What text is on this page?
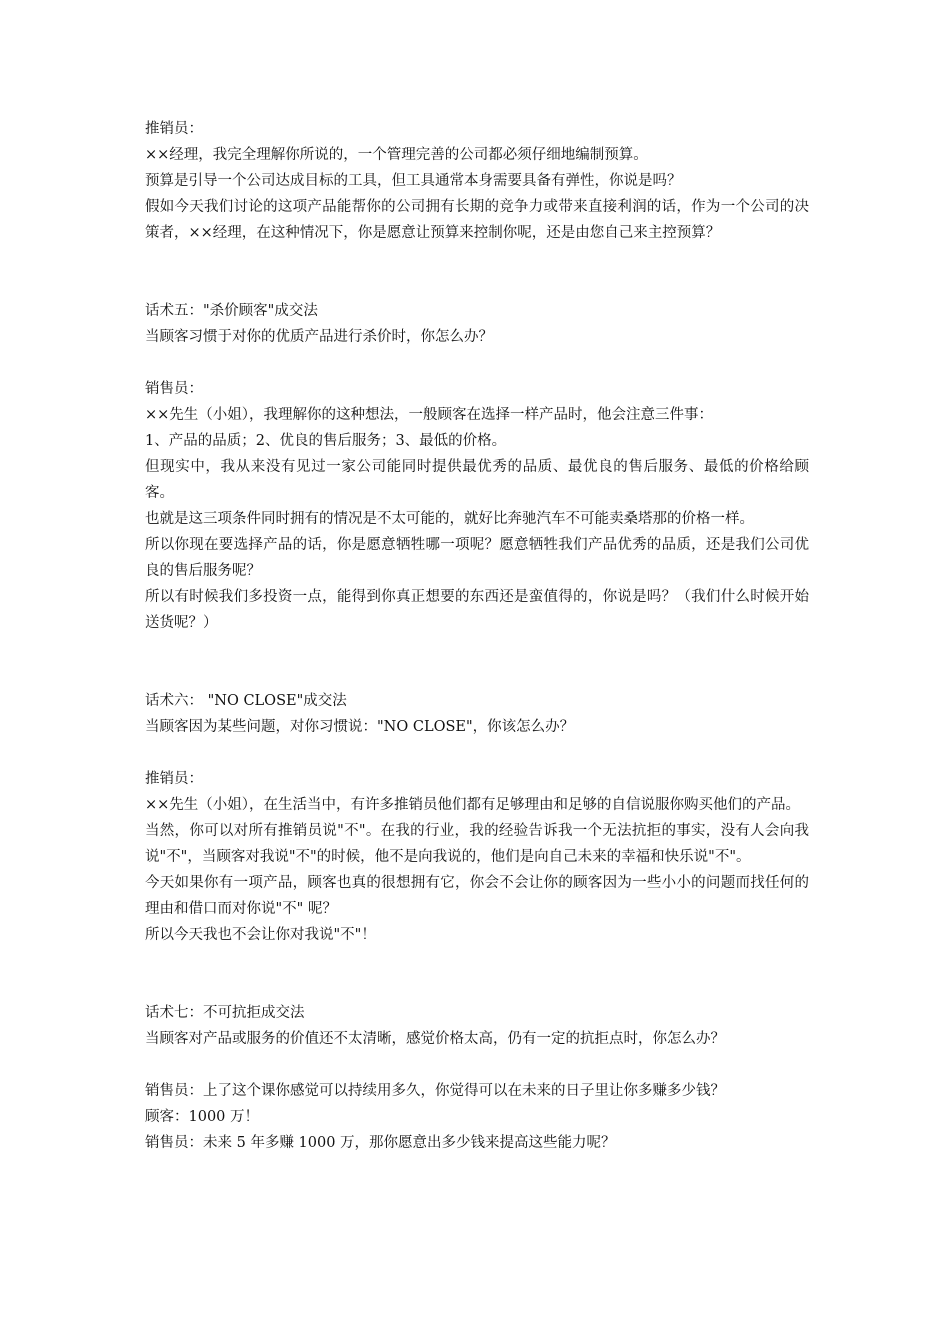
推销员：
××经理，我完全理解你所说的，一个管理完善的公司都必须仔细地编制预算。
预算是引导一个公司达成目标的工具，但工具通常本身需要具备有弹性，你说是吗？
假如今天我们讨论的这项产品能帮你的公司拥有长期的竞争力或带来直接利润的话，作为一个公司的决策者，××经理，在这种情况下，你是愿意让预算来控制你呢，还是由您自己来主控预算？
话术五："杀价顾客"成交法
当顾客习惯于对你的优质产品进行杀价时，你怎么办？
销售员：
××先生（小姐），我理解你的这种想法，一般顾客在选择一样产品时，他会注意三件事：
1、产品的品质；2、优良的售后服务；3、最低的价格。
但现实中，我从来没有见过一家公司能同时提供最优秀的品质、最优良的售后服务、最低的价格给顾客。
也就是这三项条件同时拥有的情况是不太可能的，就好比奔驰汽车不可能卖桑塔那的价格一样。
所以你现在要选择产品的话，你是愿意牺牲哪一项呢？愿意牺牲我们产品优秀的品质，还是我们公司优良的售后服务呢？
所以有时候我们多投资一点，能得到你真正想要的东西还是蛮值得的，你说是吗？（我们什么时候开始送货呢？）
话术六： "NO CLOSE"成交法
当顾客因为某些问题，对你习惯说："NO CLOSE"，你该怎么办？
推销员：
××先生（小姐），在生活当中，有许多推销员他们都有足够理由和足够的自信说服你购买他们的产品。
当然，你可以对所有推销员说"不"。在我的行业，我的经验告诉我一个无法抗拒的事实，没有人会向我说"不"，当顾客对我说"不"的时候，他不是向我说的，他们是向自己未来的幸福和快乐说"不"。
今天如果你有一项产品，顾客也真的很想拥有它，你会不会让你的顾客因为一些小小的问题而找任何的理由和借口而对你说"不" 呢？
所以今天我也不会让你对我说"不"！
话术七：不可抗拒成交法
当顾客对产品或服务的价值还不太清晰，感觉价格太高，仍有一定的抗拒点时，你怎么办？
销售员：上了这个课你感觉可以持续用多久，你觉得可以在未来的日子里让你多赚多少钱？
顾客：1000 万！
销售员：未来 5 年多赚 1000 万，那你愿意出多少钱来提高这些能力呢？
